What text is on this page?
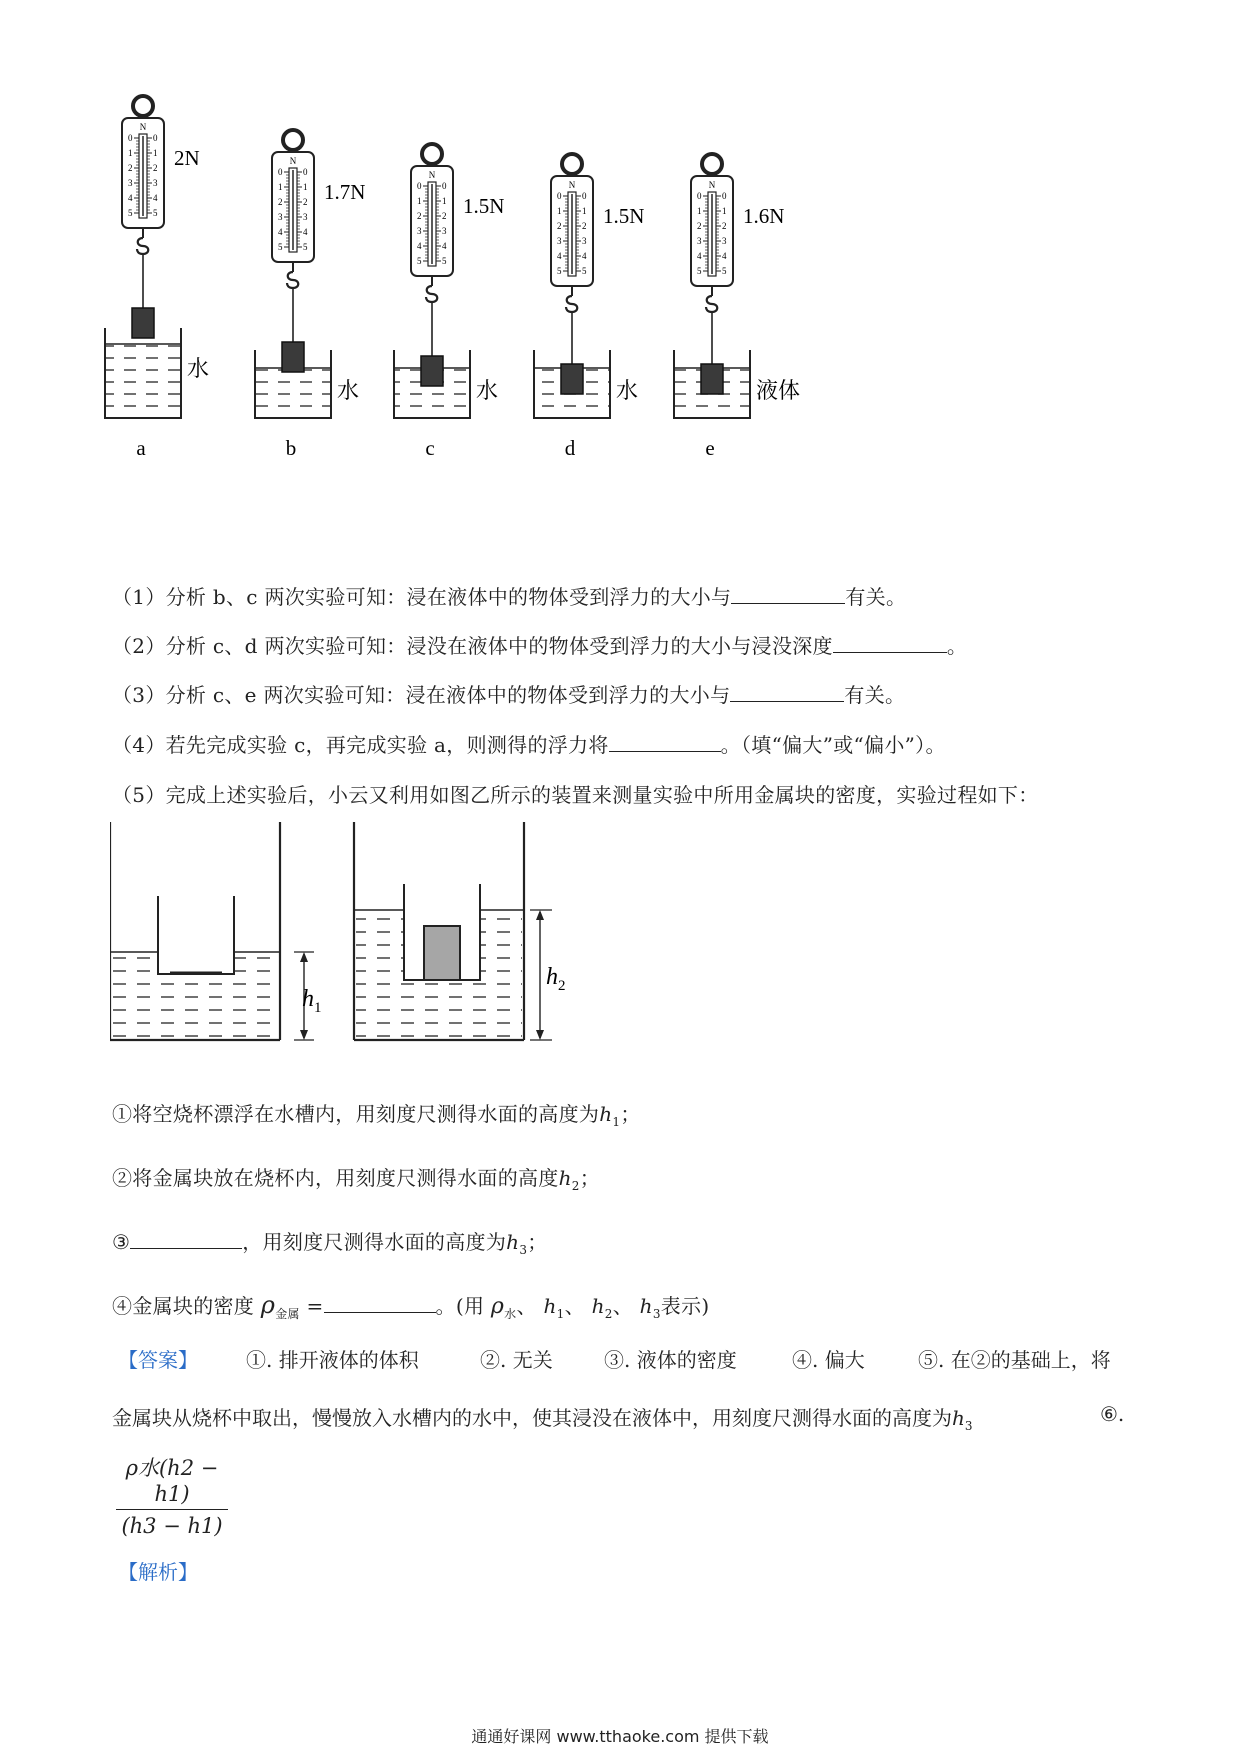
N
0 0
1 1
2 2
3 3
4 4
5 5
2N
水
a
N
0 0
1 1
2 2
3 3
4 4
5 5
1.7N
水
b
N
0 0
1 1
2 2
3 3
4 4
5 5
1.5N
水
c
N
0 0
1 1
2 2
3 3
4 4
5 5
1.5N
水
d
N
0 0
1 1
2 2
3 3
4 4
5 5
1.6N
液体
e
$h_1$
$h_2$
（1）分析 b、c 两次实验可知：浸在液体中的物体受到浮力的大小与	有关。
（2）分析 c、d 两次实验可知：浸没在液体中的物体受到浮力的大小与浸没深度	。
（3）分析 c、e 两次实验可知：浸在液体中的物体受到浮力的大小与	有关。
（4）若先完成实验 c，再完成实验 a，则测得的浮力将	。（填“偏大”或“偏小”）。
（5）完成上述实验后，小云又利用如图乙所示的装置来测量实验中所用金属块的密度，实验过程如下：
①将空烧杯漂浮在水槽内，用刻度尺测得水面的高度为$h_1$；
②将金属块放在烧杯内，用刻度尺测得水面的高度$h_2$；
③	，用刻度尺测得水面的高度为$h_3$；
④金属块的密度 $\rho_{金属}$ =	。(用 $\rho_水$、 $h_1$、 $h_2$、 $h_3$表示)
【答案】 ①. 排开液体的体积	②. 无关	③. 液体的密度	④. 偏大	⑤. 在②的基础上，将
金属块从烧杯中取出，慢慢放入水槽内的水中，使其浸没在液体中，用刻度尺测得水面的高度为$h_3$	⑥.
ρ水(h2 − h1)
(h3 − h1)
【解析】
通通好课网 www.tthaoke.com 提供下载
